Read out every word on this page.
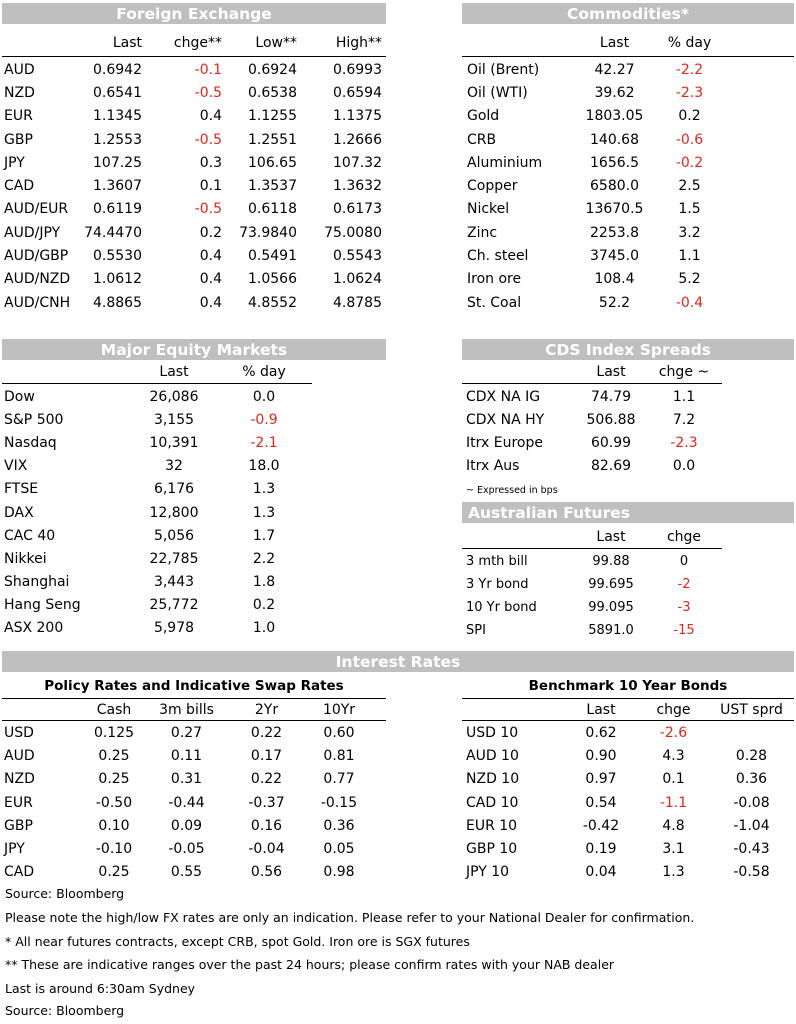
Foreign Exchange
	Last	chge**	Low**	High**

AUD	0.6942	-0.1	0.6924	0.6993
NZD	0.6541	-0.5	0.6538	0.6594
EUR	1.1345	0.4	1.1255	1.1375
GBP	1.2553	-0.5	1.2551	1.2666
JPY	107.25	0.3	106.65	107.32
CAD	1.3607	0.1	1.3537	1.3632
AUD/EUR	0.6119	-0.5	0.6118	0.6173
AUD/JPY	74.4470	0.2	73.9840	75.0080
AUD/GBP	0.5530	0.4	0.5491	0.5543
AUD/NZD	1.0612	0.4	1.0566	1.0624
AUD/CNH	4.8865	0.4	4.8552	4.8785
Commodities*
	Last	% day

Oil (Brent)	42.27	-2.2
Oil (WTI)	39.62	-2.3
Gold	1803.05	0.2
CRB	140.68	-0.6
Aluminium	1656.5	-0.2
Copper	6580.0	2.5
Nickel	13670.5	1.5
Zinc	2253.8	3.2
Ch. steel	3745.0	1.1
Iron ore	108.4	5.2
St. Coal	52.2	-0.4
Major Equity Markets
	Last	% day

Dow	26,086	0.0
S&P 500	3,155	-0.9
Nasdaq	10,391	-2.1
VIX	32	18.0
FTSE	6,176	1.3
DAX	12,800	1.3
CAC 40	5,056	1.7
Nikkei	22,785	2.2
Shanghai	3,443	1.8
Hang Seng	25,772	0.2
ASX 200	5,978	1.0
CDS Index Spreads
	Last	chge ~

CDX NA IG	74.79	1.1
CDX NA HY	506.88	7.2
Itrx Europe	60.99	-2.3
Itrx Aus	82.69	0.0
~ Expressed in bps
Australian Futures
	Last	chge

3 mth bill	99.88	0
3 Yr bond	99.695	-2
10 Yr bond	99.095	-3
SPI	5891.0	-15
Interest Rates
Policy Rates and Indicative Swap Rates
	Cash	3m bills	2Yr	10Yr

USD	0.125	0.27	0.22	0.60
AUD	0.25	0.11	0.17	0.81
NZD	0.25	0.31	0.22	0.77
EUR	-0.50	-0.44	-0.37	-0.15
GBP	0.10	0.09	0.16	0.36
JPY	-0.10	-0.05	-0.04	0.05
CAD	0.25	0.55	0.56	0.98
Benchmark 10 Year Bonds
	Last	chge	UST sprd

USD 10	0.62	-2.6	
AUD 10	0.90	4.3	0.28
NZD 10	0.97	0.1	0.36
CAD 10	0.54	-1.1	-0.08
EUR 10	-0.42	4.8	-1.04
GBP 10	0.19	3.1	-0.43
JPY 10	0.04	1.3	-0.58
Source: Bloomberg
Please note the high/low FX rates are only an indication. Please refer to your National Dealer for confirmation.
* All near futures contracts, except CRB, spot Gold. Iron ore is SGX futures
** These are indicative ranges over the past 24 hours; please confirm rates with your NAB dealer
Last is around 6:30am Sydney
Source: Bloomberg
